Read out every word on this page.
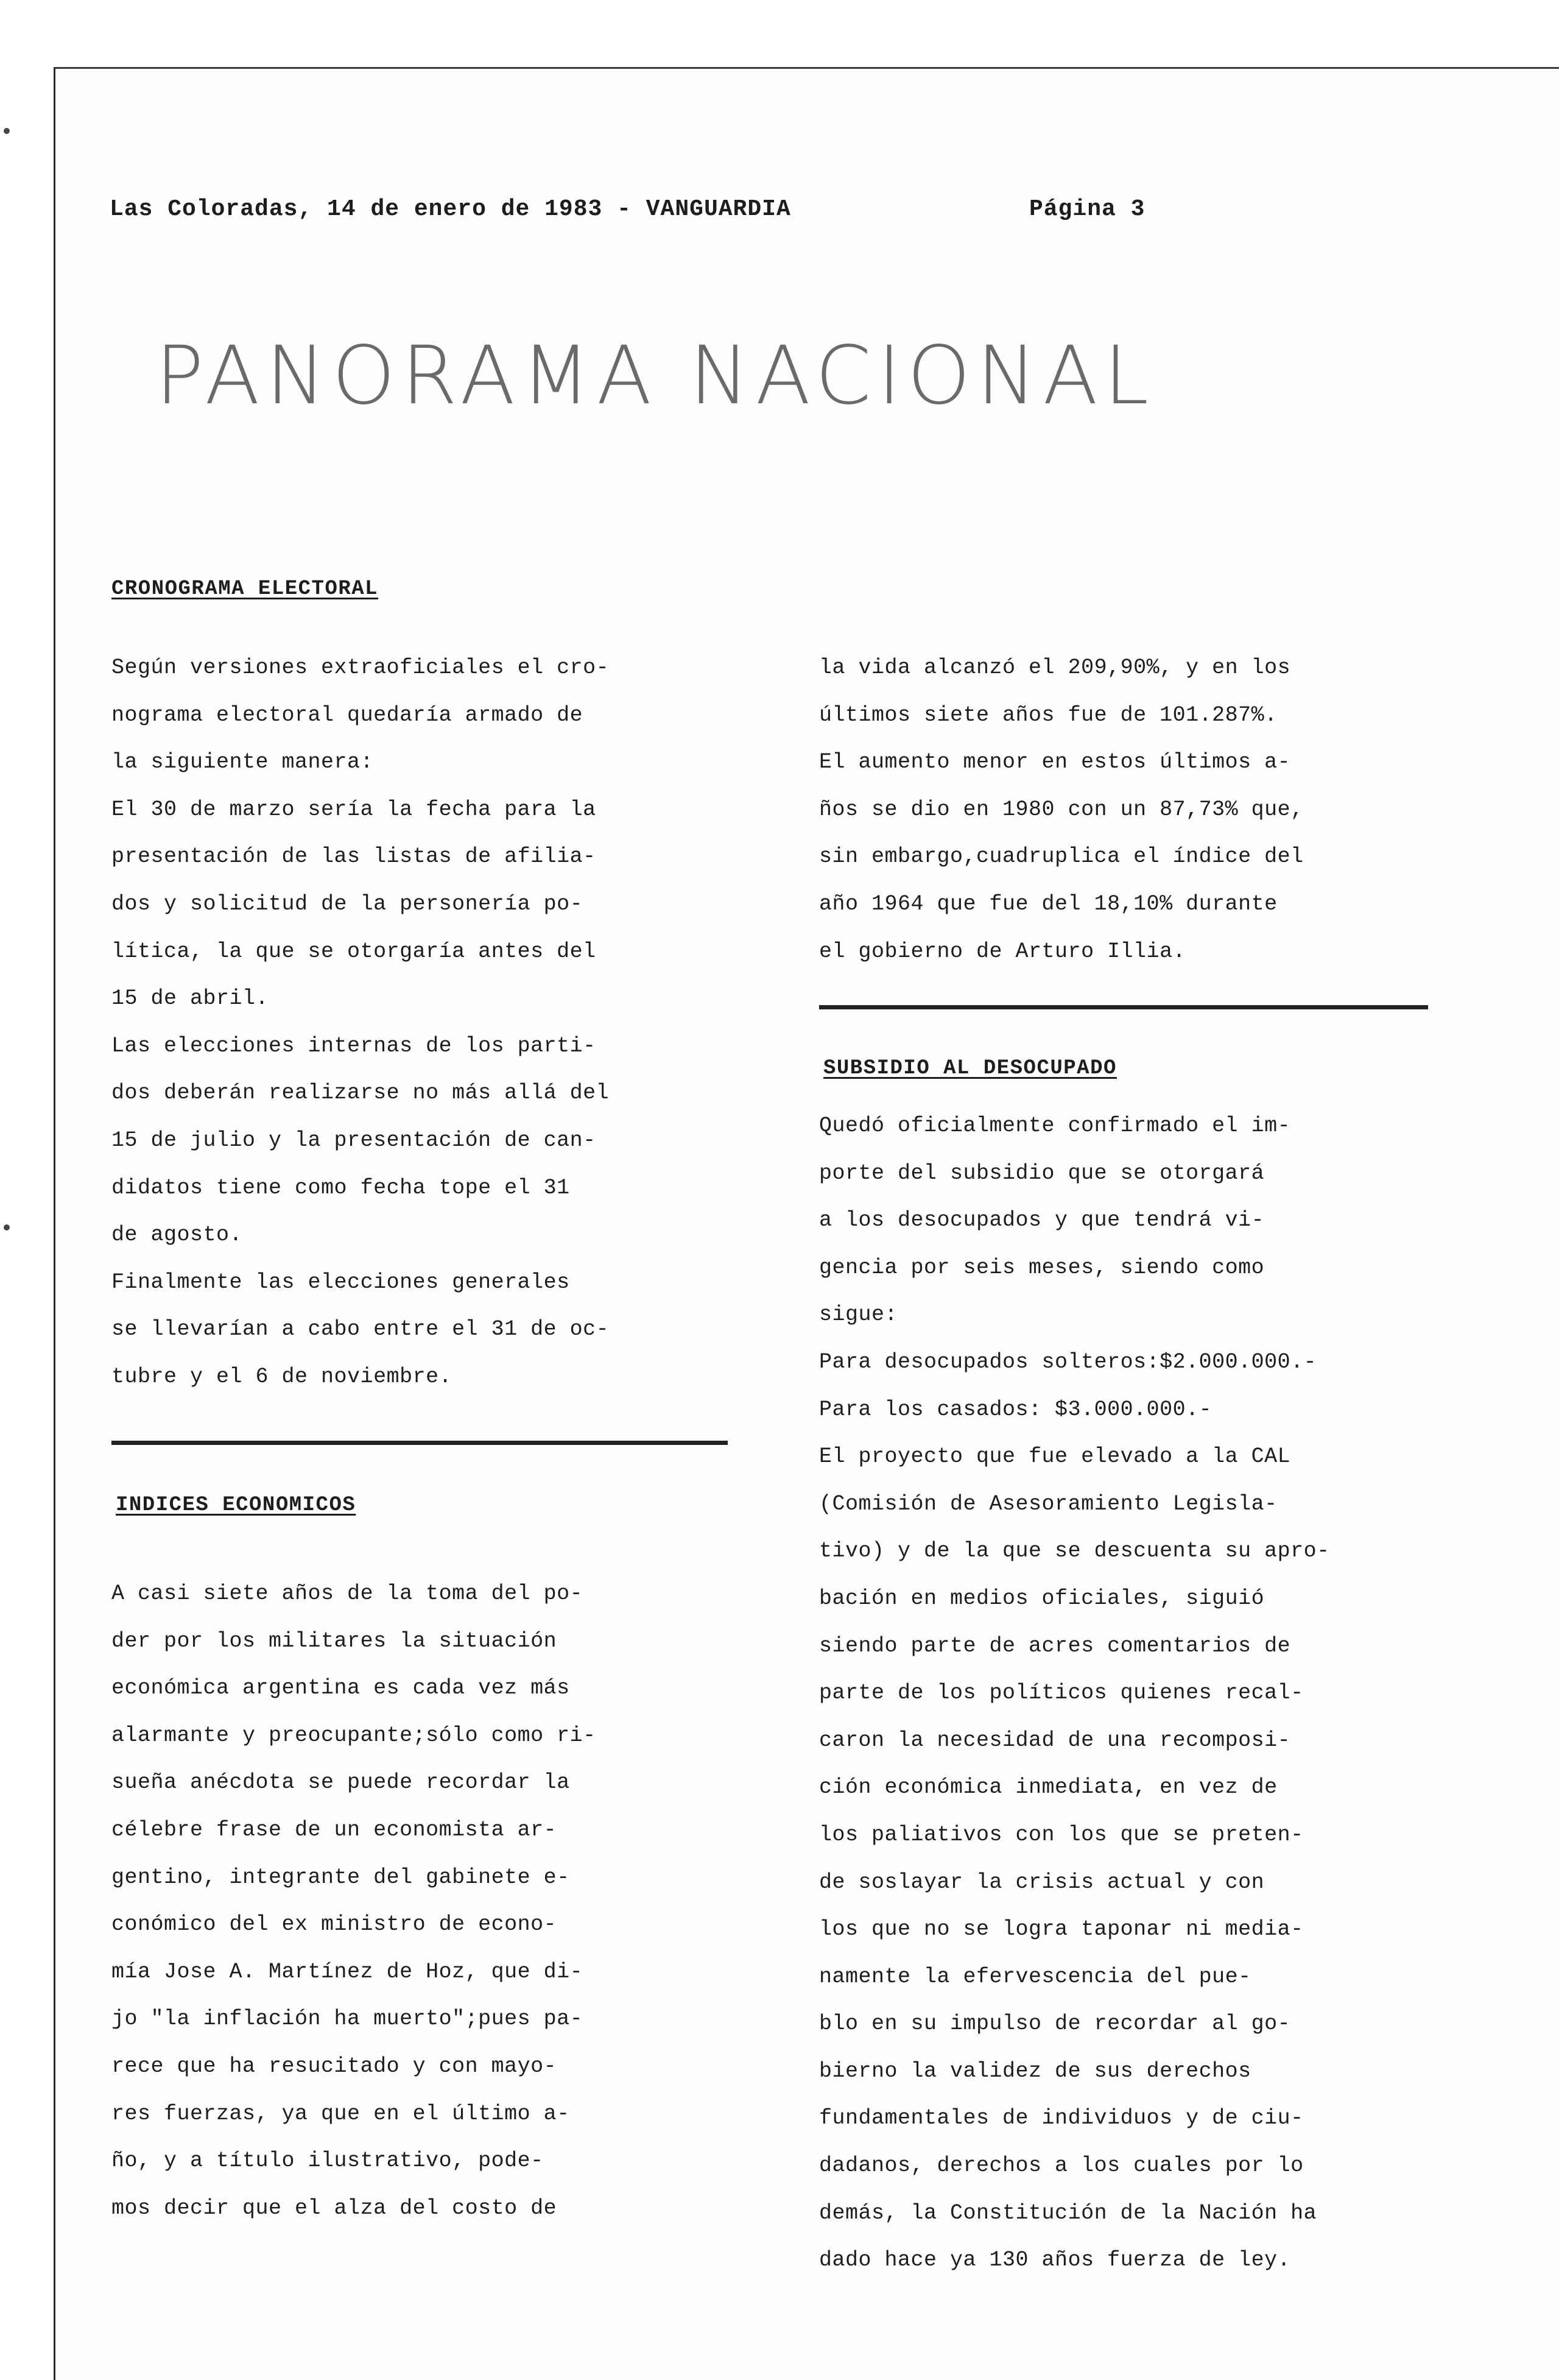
Las Coloradas, 14 de enero de 1983 - VANGUARDIA	Página 3
PANORAMA NACIONAL
CRONOGRAMA ELECTORAL
Según versiones extraoficiales el cro-
nograma electoral quedaría armado de
la siguiente manera:
El 30 de marzo sería la fecha para la
presentación de las listas de afilia-
dos y solicitud de la personería po-
lítica, la que se otorgaría antes del
15 de abril.
Las elecciones internas de los parti-
dos deberán realizarse no más allá del
15 de julio y la presentación de can-
didatos tiene como fecha tope el 31
de agosto.
Finalmente las elecciones generales
se llevarían a cabo entre el 31 de oc-
tubre y el 6 de noviembre.
INDICES ECONOMICOS
A casi siete años de la toma del po-
der por los militares la situación
económica argentina es cada vez más
alarmante y preocupante;sólo como ri-
sueña anécdota se puede recordar la
célebre frase de un economista ar-
gentino, integrante del gabinete e-
conómico del ex ministro de econo-
mía Jose A. Martínez de Hoz, que di-
jo "la inflación ha muerto";pues pa-
rece que ha resucitado y con mayo-
res fuerzas, ya que en el último a-
ño, y a título ilustrativo, pode-
mos decir que el alza del costo de
la vida alcanzó el 209,90%, y en los
últimos siete años fue de 101.287%.
El aumento menor en estos últimos a-
ños se dio en 1980 con un 87,73% que,
sin embargo,cuadruplica el índice del
año 1964 que fue del 18,10% durante
el gobierno de Arturo Illia.
SUBSIDIO AL DESOCUPADO
Quedó oficialmente confirmado el im-
porte del subsidio que se otorgará
a los desocupados y que tendrá vi-
gencia por seis meses, siendo como
sigue:
Para desocupados solteros:$2.000.000.-
Para los casados: $3.000.000.-
El proyecto que fue elevado a la CAL
(Comisión de Asesoramiento Legisla-
tivo) y de la que se descuenta su apro-
bación en medios oficiales, siguió
siendo parte de acres comentarios de
parte de los políticos quienes recal-
caron la necesidad de una recomposi-
ción económica inmediata, en vez de
los paliativos con los que se preten-
de soslayar la crisis actual y con
los que no se logra taponar ni media-
namente la efervescencia del pue-
blo en su impulso de recordar al go-
bierno la validez de sus derechos
fundamentales de individuos y de ciu-
dadanos, derechos a los cuales por lo
demás, la Constitución de la Nación ha
dado hace ya 130 años fuerza de ley.
